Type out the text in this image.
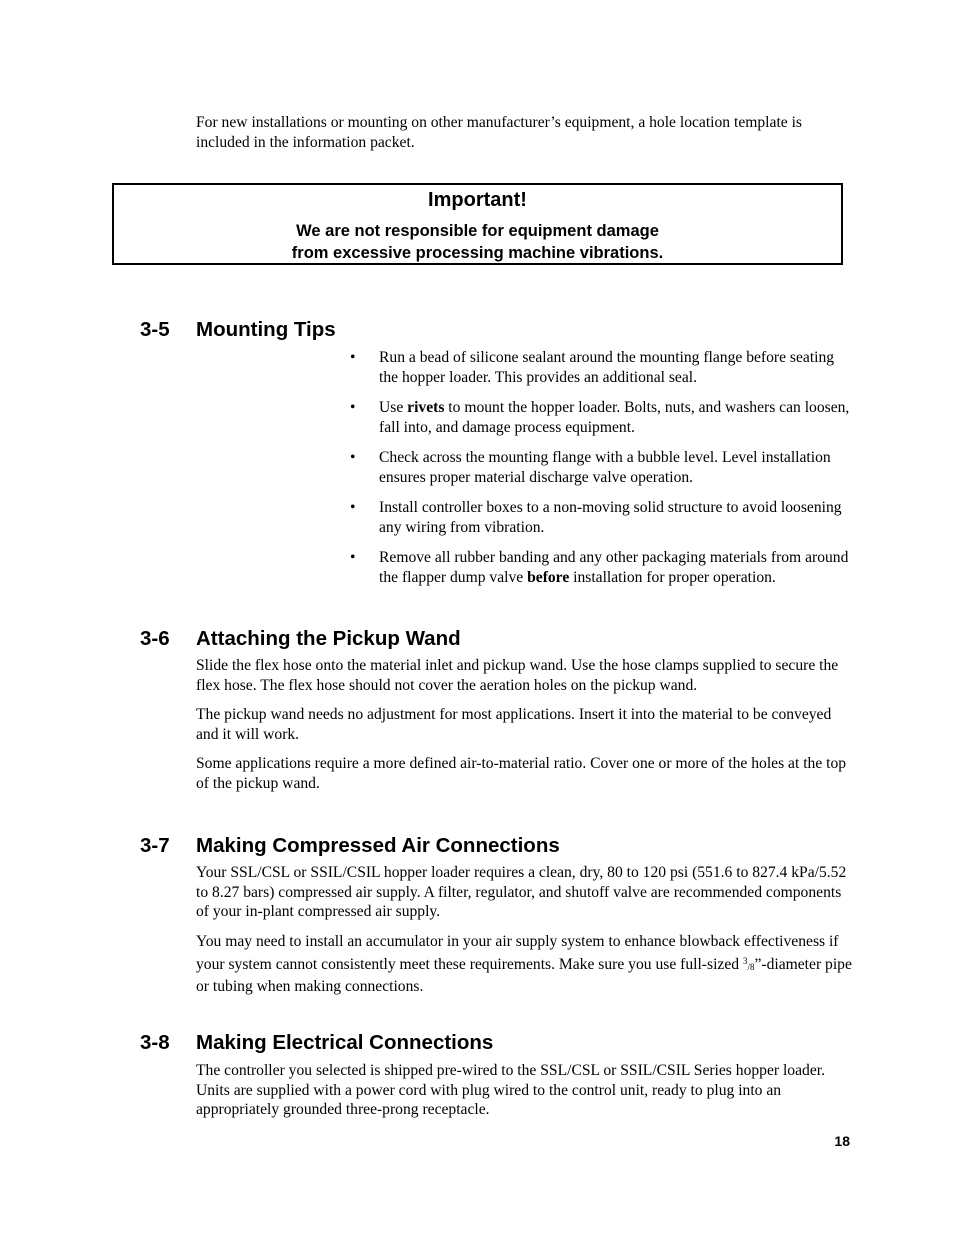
For new installations or mounting on other manufacturer’s equipment, a hole location template is included in the information packet.
Important!
We are not responsible for equipment damage
from excessive processing machine vibrations.
3-5 Mounting Tips
•	Run a bead of silicone sealant around the mounting flange before seating the hopper loader. This provides an additional seal.
•	Use rivets to mount the hopper loader. Bolts, nuts, and washers can loosen, fall into, and damage process equipment.
•	Check across the mounting flange with a bubble level. Level installation ensures proper material discharge valve operation.
•	Install controller boxes to a non-moving solid structure to avoid loosening any wiring from vibration.
•	Remove all rubber banding and any other packaging materials from around the flapper dump valve before installation for proper operation.
3-6 Attaching the Pickup Wand
Slide the flex hose onto the material inlet and pickup wand. Use the hose clamps supplied to secure the flex hose. The flex hose should not cover the aeration holes on the pickup wand.
The pickup wand needs no adjustment for most applications. Insert it into the material to be conveyed and it will work.
Some applications require a more defined air-to-material ratio. Cover one or more of the holes at the top of the pickup wand.
3-7 Making Compressed Air Connections
Your SSL/CSL or SSIL/CSIL hopper loader requires a clean, dry, 80 to 120 psi (551.6 to 827.4 kPa/5.52 to 8.27 bars) compressed air supply. A filter, regulator, and shutoff valve are recommended components of your in-plant compressed air supply.
You may need to install an accumulator in your air supply system to enhance blowback effectiveness if your system cannot consistently meet these requirements. Make sure you use full-sized $^3$/8”-diameter pipe or tubing when making connections.
3-8 Making Electrical Connections
The controller you selected is shipped pre-wired to the SSL/CSL or SSIL/CSIL Series hopper loader. Units are supplied with a power cord with plug wired to the control unit, ready to plug into an appropriately grounded three-prong receptacle.
18
